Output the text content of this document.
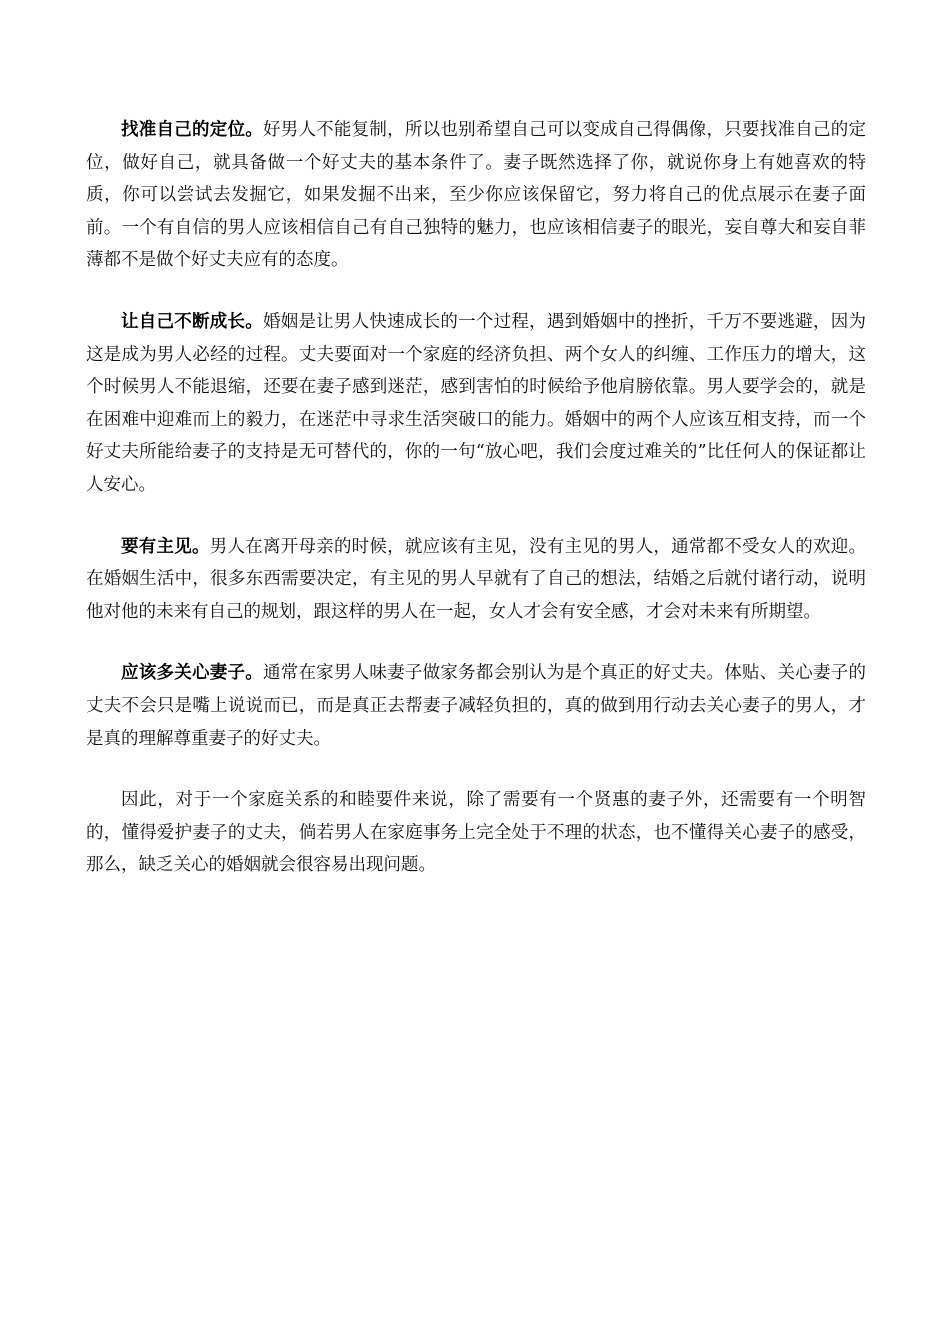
找准自己的定位。好男人不能复制，所以也别希望自己可以变成自己得偶像，只要找准自己的定位，做好自己，就具备做一个好丈夫的基本条件了。妻子既然选择了你，就说你身上有她喜欢的特质，你可以尝试去发掘它，如果发掘不出来，至少你应该保留它，努力将自己的优点展示在妻子面前。一个有自信的男人应该相信自己有自己独特的魅力，也应该相信妻子的眼光，妄自尊大和妄自菲薄都不是做个好丈夫应有的态度。

让自己不断成长。婚姻是让男人快速成长的一个过程，遇到婚姻中的挫折，千万不要逃避，因为这是成为男人必经的过程。丈夫要面对一个家庭的经济负担、两个女人的纠缠、工作压力的增大，这个时候男人不能退缩，还要在妻子感到迷茫，感到害怕的时候给予他肩膀依靠。男人要学会的，就是在困难中迎难而上的毅力，在迷茫中寻求生活突破口的能力。婚姻中的两个人应该互相支持，而一个好丈夫所能给妻子的支持是无可替代的，你的一句“放心吧，我们会度过难关的”比任何人的保证都让人安心。

要有主见。男人在离开母亲的时候，就应该有主见，没有主见的男人，通常都不受女人的欢迎。在婚姻生活中，很多东西需要决定，有主见的男人早就有了自己的想法，结婚之后就付诸行动，说明他对他的未来有自己的规划，跟这样的男人在一起，女人才会有安全感，才会对未来有所期望。

应该多关心妻子。通常在家男人味妻子做家务都会别认为是个真正的好丈夫。体贴、关心妻子的丈夫不会只是嘴上说说而已，而是真正去帮妻子减轻负担的，真的做到用行动去关心妻子的男人，才是真的理解尊重妻子的好丈夫。

因此，对于一个家庭关系的和睦要件来说，除了需要有一个贤惠的妻子外，还需要有一个明智的，懂得爱护妻子的丈夫，倘若男人在家庭事务上完全处于不理的状态，也不懂得关心妻子的感受，那么，缺乏关心的婚姻就会很容易出现问题。
